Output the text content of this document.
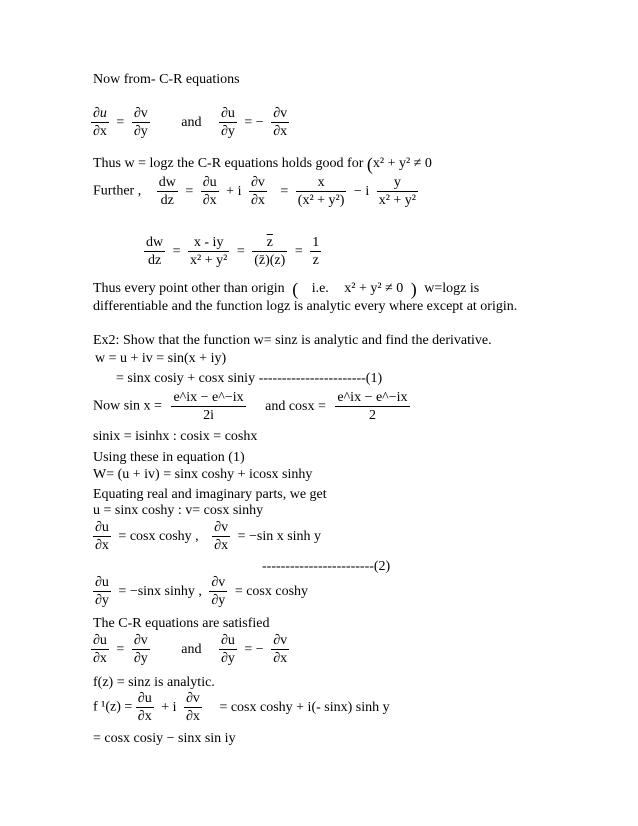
Now from- C-R equations
$\frac{\partial u}{\partial x} = \frac{\partial v}{\partial y}$ and $\frac{\partial u}{\partial y}$ = − $\frac{\partial v}{\partial x}$
Thus w = logz the C-R equations holds good for (x² + y² ≠ 0
Further , $\frac{dw}{dz} = \frac{\partial u}{\partial x} + i \frac{\partial v}{\partial x} = \frac{x}{\text{(x² + y²)}} - i \frac{y}{\text{x² + y²}}$
$\frac{dw}{dz} = \frac{x - iy}{\text{x² + y²}} = \frac{\overline{z}}{(z̄)(z)} = \frac{1}{z}$
Thus every point other than origin ( i.e. x² + y² ≠ 0 ) w=logz is
differentiable and the function logz is analytic every where except at origin.
Ex2: Show that the function w= sinz is analytic and find the derivative.
w = u + iv = sin(x + iy)
= sinx cosiy + cosx siniy -----------------------(1)
Now $\sin x = \frac{e\^{}ix - e\^{}-ix}{2i}$ and $\cos x = \frac{e\^{}ix - e\^{}-ix}{2}$
sinix = isinhx : cosix = coshx
Using these in equation (1)
W= (u + iv) = sinx coshy + icosx sinhy
Equating real and imaginary parts, we get
u = sinx coshy : v= cosx sinhy
$\frac{\partial u}{\partial x} = \cos x$ coshy , $\frac{\partial v}{\partial x} = -\sin$ x sinh y
------------------------(2)
$\frac{\partial u}{\partial y} = -\sin x$ sinhy , $\frac{\partial v}{\partial y} = \cos x$ coshy
The C-R equations are satisfied
$\frac{\partial u}{\partial x} = \frac{\partial v}{\partial y}$ and $\frac{\partial u}{\partial y}$ = − $\frac{\partial v}{\partial x}$
f(z) = sinz is analytic.
f $^1(z) = \frac{\partial u}{\partial x} + i \frac{\partial v}{\partial x} = \cos x$ coshy + i(- sinx) sinh y
= cosx cosiy − sinx sin iy
